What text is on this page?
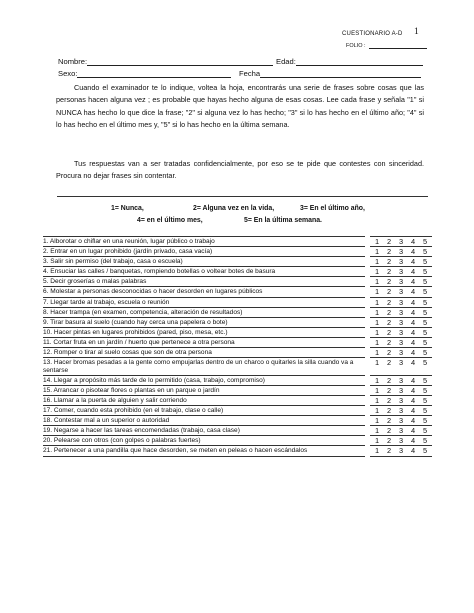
CUESTIONARIO A-D 1
FOLIO :
Nombre:	Edad:
Sexo:	Fecha

Cuando el examinador te lo indique, voltea la hoja, encontrarás una serie de frases sobre cosas que las personas hacen alguna vez ; es probable que hayas hecho alguna de esas cosas. Lee cada frase y señala "1" si NUNCA has hecho lo que dice la frase; "2" si alguna vez lo has hecho; "3" si lo has hecho en el último año; "4" si lo has hecho en el último mes y, "5" si lo has hecho en la última semana.

Tus respuestas van a ser tratadas confidencialmente, por eso se te pide que contestes con sinceridad. Procura no dejar frases sin contentar.

1= Nunca,	2= Alguna vez en la vida,	3= En el último año,
4= en el último mes,	5= En la última semana.
1. Alborotar o chiflar en una reunión, lugar público o trabajo		1 2 3 4 5

2. Entrar en un lugar prohibido (jardín privado, casa vacía)		1 2 3 4 5

3. Salir sin permiso (del trabajo, casa o escuela)		1 2 3 4 5

4. Ensuciar las calles / banquetas, rompiendo botellas o voltear botes de basura		1 2 3 4 5

5. Decir groserías o malas palabras		1 2 3 4 5

6. Molestar a personas desconocidas o hacer desorden en lugares públicos		1 2 3 4 5

7. Llegar tarde al trabajo, escuela o reunión		1 2 3 4 5

8. Hacer trampa (en examen, competencia, alteración de resultados)		1 2 3 4 5

9. Tirar basura al suelo (cuando hay cerca una papelera o bote)		1 2 3 4 5

10. Hacer pintas en lugares prohibidos (pared, piso, mesa, etc.)		1 2 3 4 5

11. Cortar fruta en un jardín / huerto que pertenece a otra persona		1 2 3 4 5

12. Romper o tirar al suelo cosas que son de otra persona		1 2 3 4 5

13. Hacer bromas pesadas a la gente como empujarlas dentro de un charco o quitarles la silla cuando va a sentarse		1 2 3 4 5

14. Llegar a propósito más tarde de lo permitido (casa, trabajo, compromiso)		1 2 3 4 5

15. Arrancar o pisotear flores o plantas en un parque o jardín		1 2 3 4 5

16. Llamar a la puerta de alguien y salir corriendo		1 2 3 4 5

17. Comer, cuando esta prohibido (en el trabajo, clase o calle)		1 2 3 4 5

18. Contestar mal a un superior o autoridad		1 2 3 4 5

19. Negarse a hacer las tareas encomendadas (trabajo, casa clase)		1 2 3 4 5

20. Pelearse con otros (con golpes o palabras fuertes)		1 2 3 4 5

21. Pertenecer a una pandilla que hace desorden, se meten en peleas o hacen escándalos		1 2 3 4 5
